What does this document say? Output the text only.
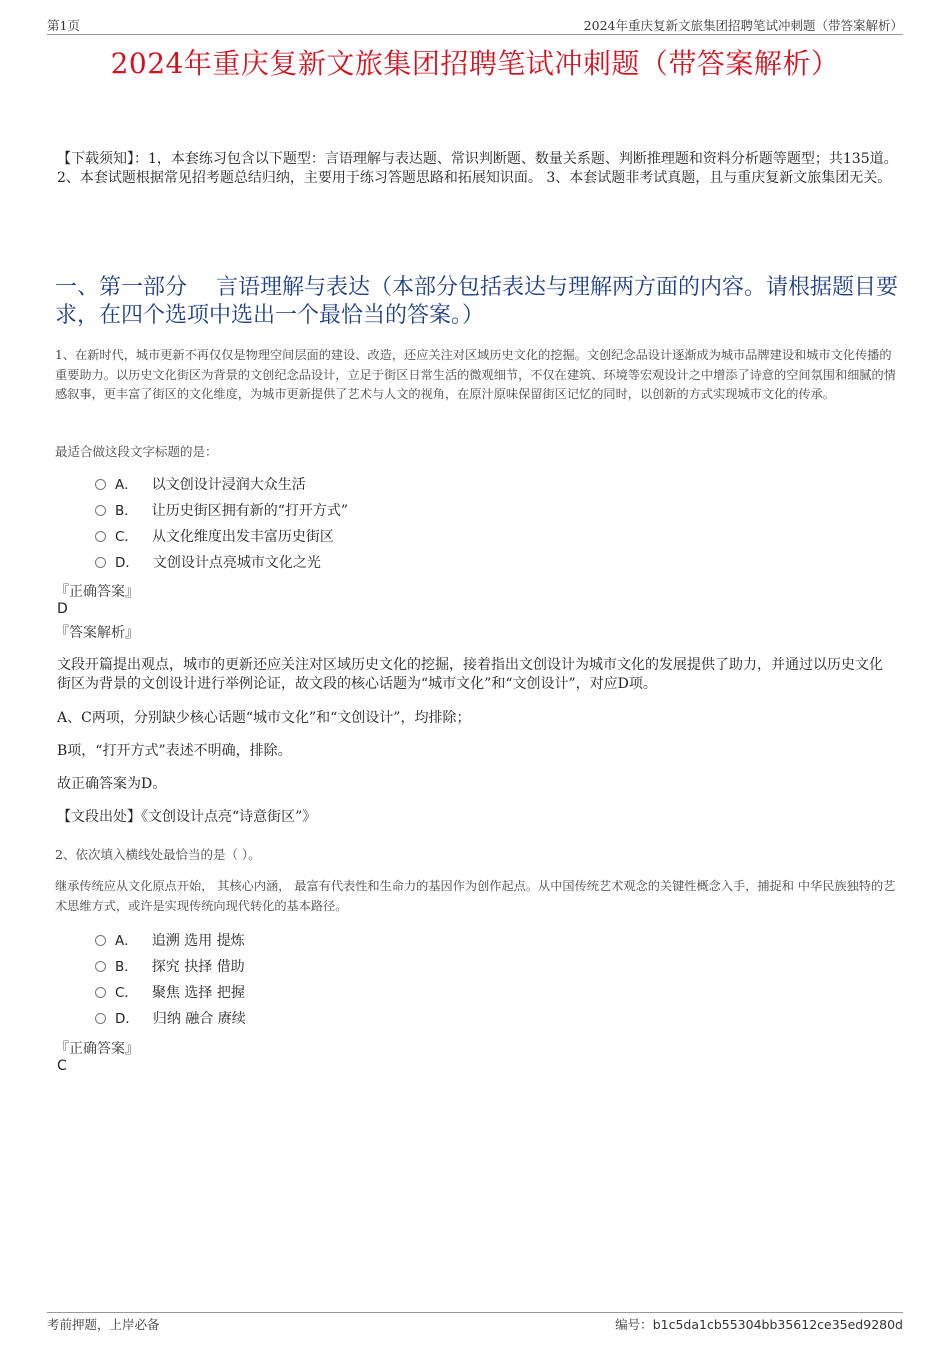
第1页	2024年重庆复新文旅集团招聘笔试冲刺题（带答案解析）
2024年重庆复新文旅集团招聘笔试冲刺题（带答案解析）
【下载须知】：1，本套练习包含以下题型：言语理解与表达题、常识判断题、数量关系题、判断推理题和资料分析题等题型；共135道。 2、本套试题根据常见招考题总结归纳，主要用于练习答题思路和拓展知识面。 3、本套试题非考试真题，且与重庆复新文旅集团无关。
一、第一部分　 言语理解与表达（本部分包括表达与理解两方面的内容。请根据题目要求，在四个选项中选出一个最恰当的答案。）
1、在新时代，城市更新不再仅仅是物理空间层面的建设、改造，还应关注对区域历史文化的挖掘。文创纪念品设计逐渐成为城市品牌建设和城市文化传播的重要助力。以历史文化街区为背景的文创纪念品设计，立足于街区日常生活的微观细节，不仅在建筑、环境等宏观设计之中增添了诗意的空间氛围和细腻的情感叙事，更丰富了街区的文化维度，为城市更新提供了艺术与人文的视角，在原汁原味保留街区记忆的同时，以创新的方式实现城市文化的传承。
最适合做这段文字标题的是：
A． 以文创设计浸润大众生活
B． 让历史街区拥有新的“打开方式”
C． 从文化维度出发丰富历史街区
D． 文创设计点亮城市文化之光
『正确答案』
D
『答案解析』
文段开篇提出观点，城市的更新还应关注对区域历史文化的挖掘，接着指出文创设计为城市文化的发展提供了助力，并通过以历史文化街区为背景的文创设计进行举例论证，故文段的核心话题为“城市文化”和“文创设计”，对应D项。
A、C两项，分别缺少核心话题“城市文化”和“文创设计”，均排除；
B项，“打开方式”表述不明确，排除。
故正确答案为D。
【文段出处】《文创设计点亮“诗意街区”》
2、依次填入横线处最恰当的是（ ）。
继承传统应从文化原点开始， 其核心内涵， 最富有代表性和生命力的基因作为创作起点。从中国传统艺术观念的关键性概念入手，捕捉和 中华民族独特的艺术思维方式，或许是实现传统向现代转化的基本路径。
A． 追溯 选用 提炼
B． 探究 抉择 借助
C． 聚焦 选择 把握
D． 归纳 融合 赓续
『正确答案』
C
考前押题，上岸必备	编号：b1c5da1cb55304bb35612ce35ed9280d
